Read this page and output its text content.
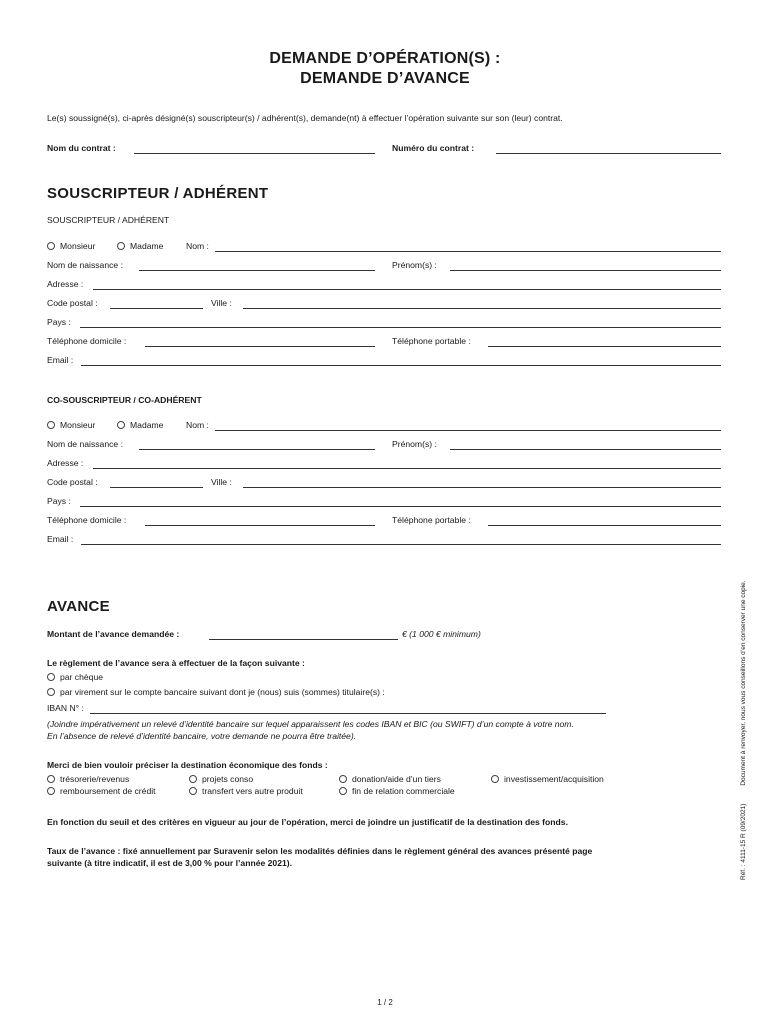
DEMANDE D’OPÉRATION(S) :
DEMANDE D’AVANCE
Le(s) soussigné(s), ci-après désigné(s) souscripteur(s) / adhérent(s), demande(nt) à effectuer l’opération suivante sur son (leur) contrat.
Nom du contrat :	Numéro du contrat :
SOUSCRIPTEUR / ADHÉRENT
SOUSCRIPTEUR / ADHÉRENT
Monsieur	Madame	Nom :
Nom de naissance :	Prénom(s) :
Adresse :
Code postal :	Ville :
Pays :
Téléphone domicile :	Téléphone portable :
Email :
CO-SOUSCRIPTEUR / CO-ADHÉRENT
Monsieur	Madame	Nom :
Nom de naissance :	Prénom(s) :
Adresse :
Code postal :	Ville :
Pays :
Téléphone domicile :	Téléphone portable :
Email :
AVANCE
Montant de l’avance demandée :	€ (1 000 € minimum)
Le règlement de l’avance sera à effectuer de la façon suivante :
par chèque
par virement sur le compte bancaire suivant dont je (nous) suis (sommes) titulaire(s) :
IBAN N° :
(Joindre impérativement un relevé d’identité bancaire sur lequel apparaissent les codes IBAN et BIC (ou SWIFT) d’un compte à votre nom.
En l’absence de relevé d’identité bancaire, votre demande ne pourra être traitée).
Merci de bien vouloir préciser la destination économique des fonds :
trésorerie/revenus	projets conso	donation/aide d’un tiers	investissement/acquisition
remboursement de crédit	transfert vers autre produit	fin de relation commerciale
En fonction du seuil et des critères en vigueur au jour de l’opération, merci de joindre un justificatif de la destination des fonds.
Taux de l’avance : fixé annuellement par Suravenir selon les modalités définies dans le règlement général des avances présenté page
suivante (à titre indicatif, il est de 3,00 % pour l’année 2021).	Réf. : 4111-15 R (09/2021)Document à renvoyer, nous vous conseillons d’en conserver une copie.
1 / 2
